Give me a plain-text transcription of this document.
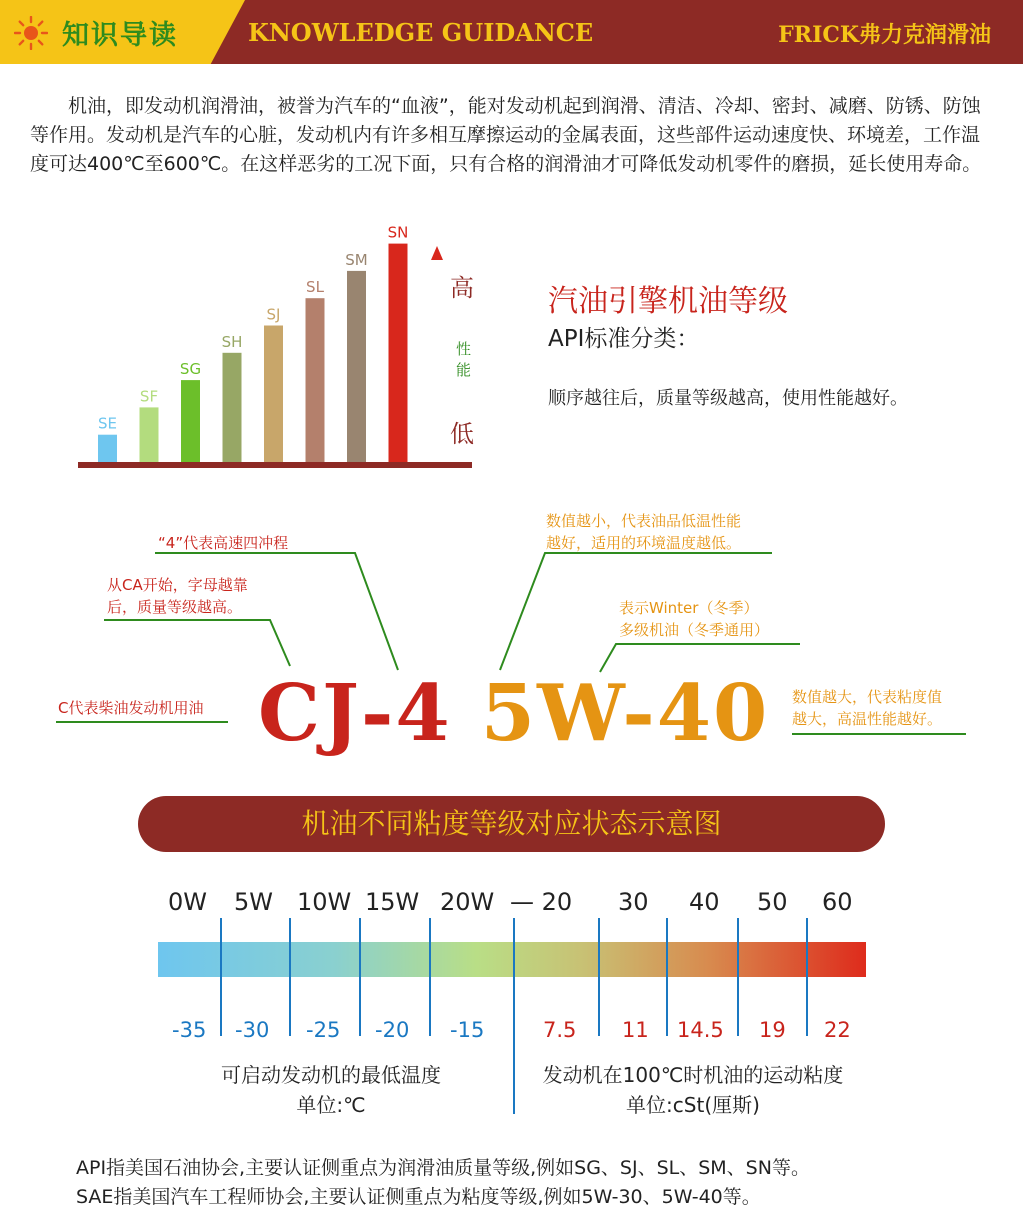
知识导读	KNOWLEDGE GUIDANCE	FRICK弗力克润滑油
机油，即发动机润滑油，被誉为汽车的“血液”，能对发动机起到润滑、清洁、冷却、密封、减磨、防锈、防蚀等作用。发动机是汽车的心脏，发动机内有许多相互摩擦运动的金属表面，这些部件运动速度快、环境差，工作温度可达400℃至600℃。在这样恶劣的工况下面，只有合格的润滑油才可降低发动机零件的磨损，延长使用寿命。
SE
SF
SG
SH
SJ
SL
SM
SN
高
性
能
低
汽油引擎机油等级
API标准分类：
顺序越往后，质量等级越高，使用性能越好。
C代表柴油发动机用油
从CA开始，字母越靠
后，质量等级越高。
“4”代表高速四冲程
数值越小，代表油品低温性能
越好，适用的环境温度越低。
表示Winter（冬季）
多级机油（冬季通用）
数值越大，代表粘度值
越大，高温性能越好。
CJ-4 5W-40
机油不同粘度等级对应状态示意图
0W 5W 10W 15W 20W — 20 30 40 50 60
-35 -30 -25 -20 -15	7.5 11 14.5 19 22
可启动发动机的最低温度
单位:℃
发动机在100℃时机油的运动粘度
单位:cSt(厘斯)
API指美国石油协会,主要认证侧重点为润滑油质量等级,例如SG、SJ、SL、SM、SN等。
SAE指美国汽车工程师协会,主要认证侧重点为粘度等级,例如5W-30、5W-40等。
